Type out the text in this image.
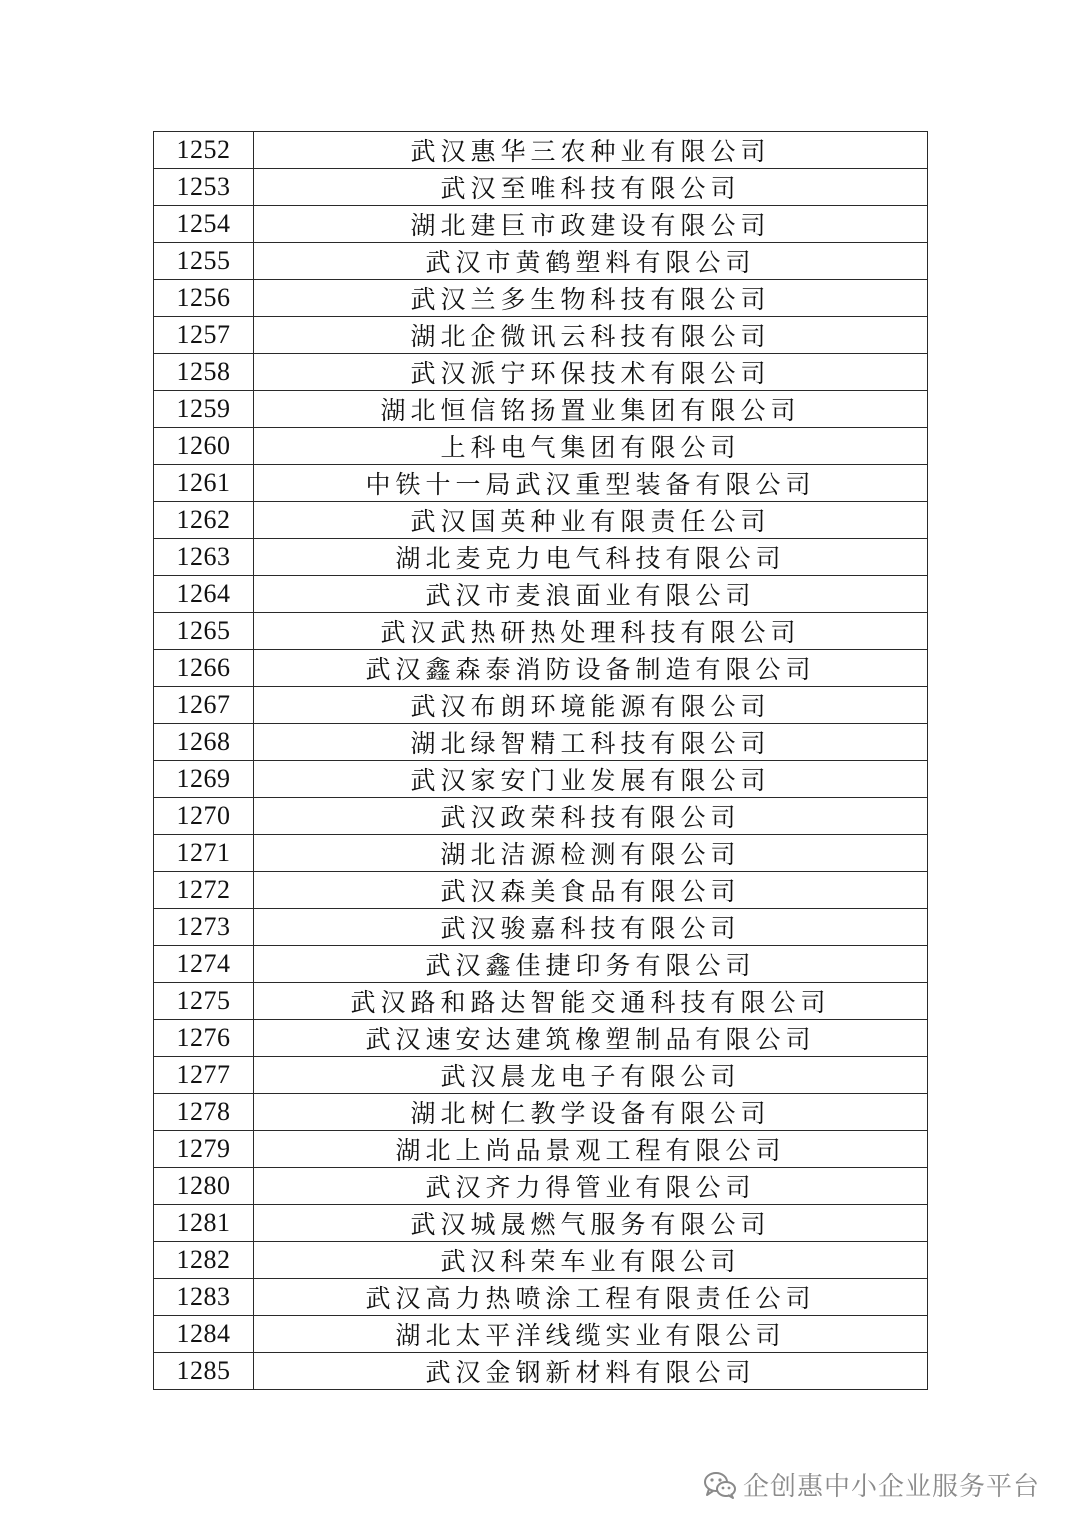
1252	武汉惠华三农种业有限公司
1253	武汉至唯科技有限公司
1254	湖北建巨市政建设有限公司
1255	武汉市黄鹤塑料有限公司
1256	武汉兰多生物科技有限公司
1257	湖北企微讯云科技有限公司
1258	武汉派宁环保技术有限公司
1259	湖北恒信铭扬置业集团有限公司
1260	上科电气集团有限公司
1261	中铁十一局武汉重型装备有限公司
1262	武汉国英种业有限责任公司
1263	湖北麦克力电气科技有限公司
1264	武汉市麦浪面业有限公司
1265	武汉武热研热处理科技有限公司
1266	武汉鑫森泰消防设备制造有限公司
1267	武汉布朗环境能源有限公司
1268	湖北绿智精工科技有限公司
1269	武汉家安门业发展有限公司
1270	武汉政荣科技有限公司
1271	湖北洁源检测有限公司
1272	武汉森美食品有限公司
1273	武汉骏嘉科技有限公司
1274	武汉鑫佳捷印务有限公司
1275	武汉路和路达智能交通科技有限公司
1276	武汉速安达建筑橡塑制品有限公司
1277	武汉晨龙电子有限公司
1278	湖北树仁教学设备有限公司
1279	湖北上尚品景观工程有限公司
1280	武汉齐力得管业有限公司
1281	武汉城晟燃气服务有限公司
1282	武汉科荣车业有限公司
1283	武汉高力热喷涂工程有限责任公司
1284	湖北太平洋线缆实业有限公司
1285	武汉金钢新材料有限公司
企创惠中小企业服务平台
